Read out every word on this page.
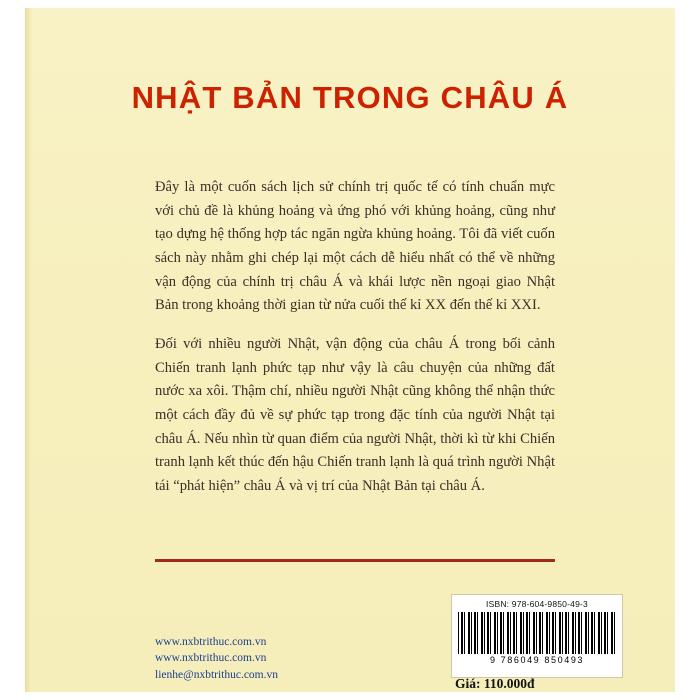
NHẬT BẢN TRONG CHÂU Á
Đây là một cuốn sách lịch sử chính trị quốc tế có tính chuẩn mực với chủ đề là khủng hoảng và ứng phó với khủng hoảng, cũng như tạo dựng hệ thống hợp tác ngăn ngừa khủng hoảng. Tôi đã viết cuốn sách này nhằm ghi chép lại một cách dễ hiểu nhất có thể về những vận động của chính trị châu Á và khái lược nền ngoại giao Nhật Bản trong khoảng thời gian từ nửa cuối thế kỉ XX đến thế kỉ XXI.
Đối với nhiều người Nhật, vận động của châu Á trong bối cảnh Chiến tranh lạnh phức tạp như vậy là câu chuyện của những đất nước xa xôi. Thậm chí, nhiều người Nhật cũng không thể nhận thức một cách đầy đủ về sự phức tạp trong đặc tính của người Nhật tại châu Á. Nếu nhìn từ quan điểm của người Nhật, thời kì từ khi Chiến tranh lạnh kết thúc đến hậu Chiến tranh lạnh là quá trình người Nhật tái “phát hiện” châu Á và vị trí của Nhật Bản tại châu Á.
www.nxbtrithuc.com.vn
www.nxbtrithuc.com.vn
lienhe@nxbtrithuc.com.vn
ISBN: 978-604-9850-49-3
9 786049 850493
Giá: 110.000đ
